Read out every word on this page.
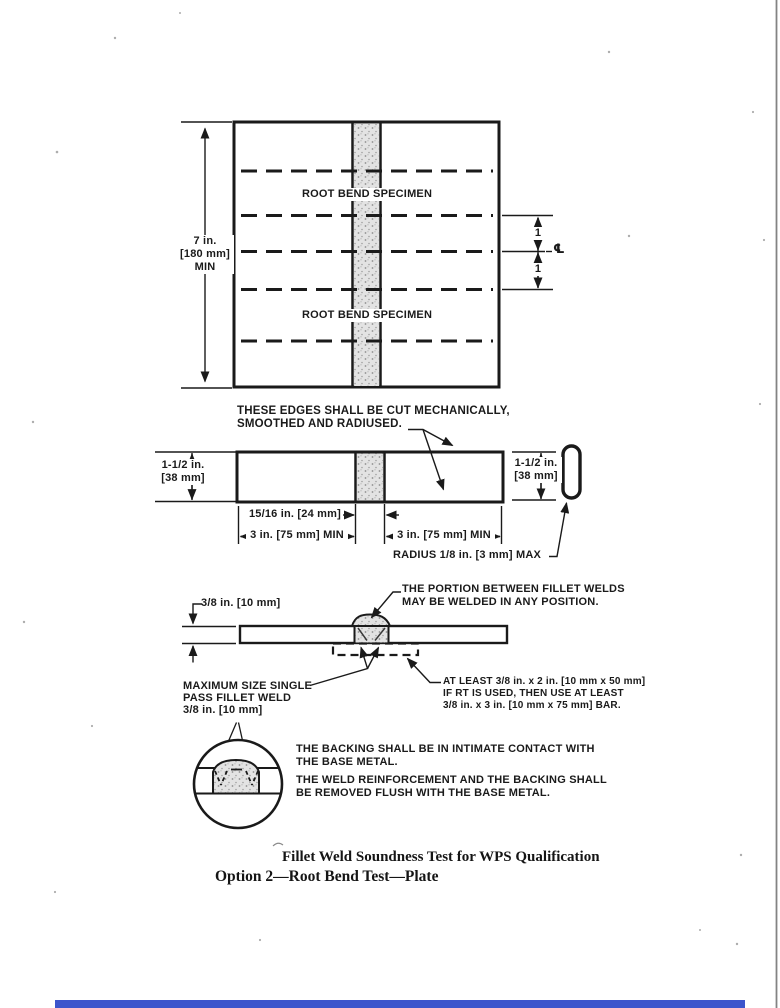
ROOT BEND SPECIMEN
ROOT BEND SPECIMEN
7 in.
[180 mm]
MIN
1
1
℄
THESE EDGES SHALL BE CUT MECHANICALLY,
SMOOTHED AND RADIUSED.
1-1/2 in.
[38 mm]
1-1/2 in.
[38 mm]
15/16 in. [24 mm]
3 in. [75 mm] MIN	3 in. [75 mm] MIN
RADIUS 1/8 in. [3 mm] MAX
3/8 in. [10 mm]
THE PORTION BETWEEN FILLET WELDS
MAY BE WELDED IN ANY POSITION.
MAXIMUM SIZE SINGLE
PASS FILLET WELD
3/8 in. [10 mm]
AT LEAST 3/8 in. x 2 in. [10 mm x 50 mm]
IF RT IS USED, THEN USE AT LEAST
3/8 in. x 3 in. [10 mm x 75 mm] BAR.
THE BACKING SHALL BE IN INTIMATE CONTACT WITH
THE BASE METAL.
THE WELD REINFORCEMENT AND THE BACKING SHALL
BE REMOVED FLUSH WITH THE BASE METAL.
Fillet Weld Soundness Test for WPS Qualification
Option 2—Root Bend Test—Plate
